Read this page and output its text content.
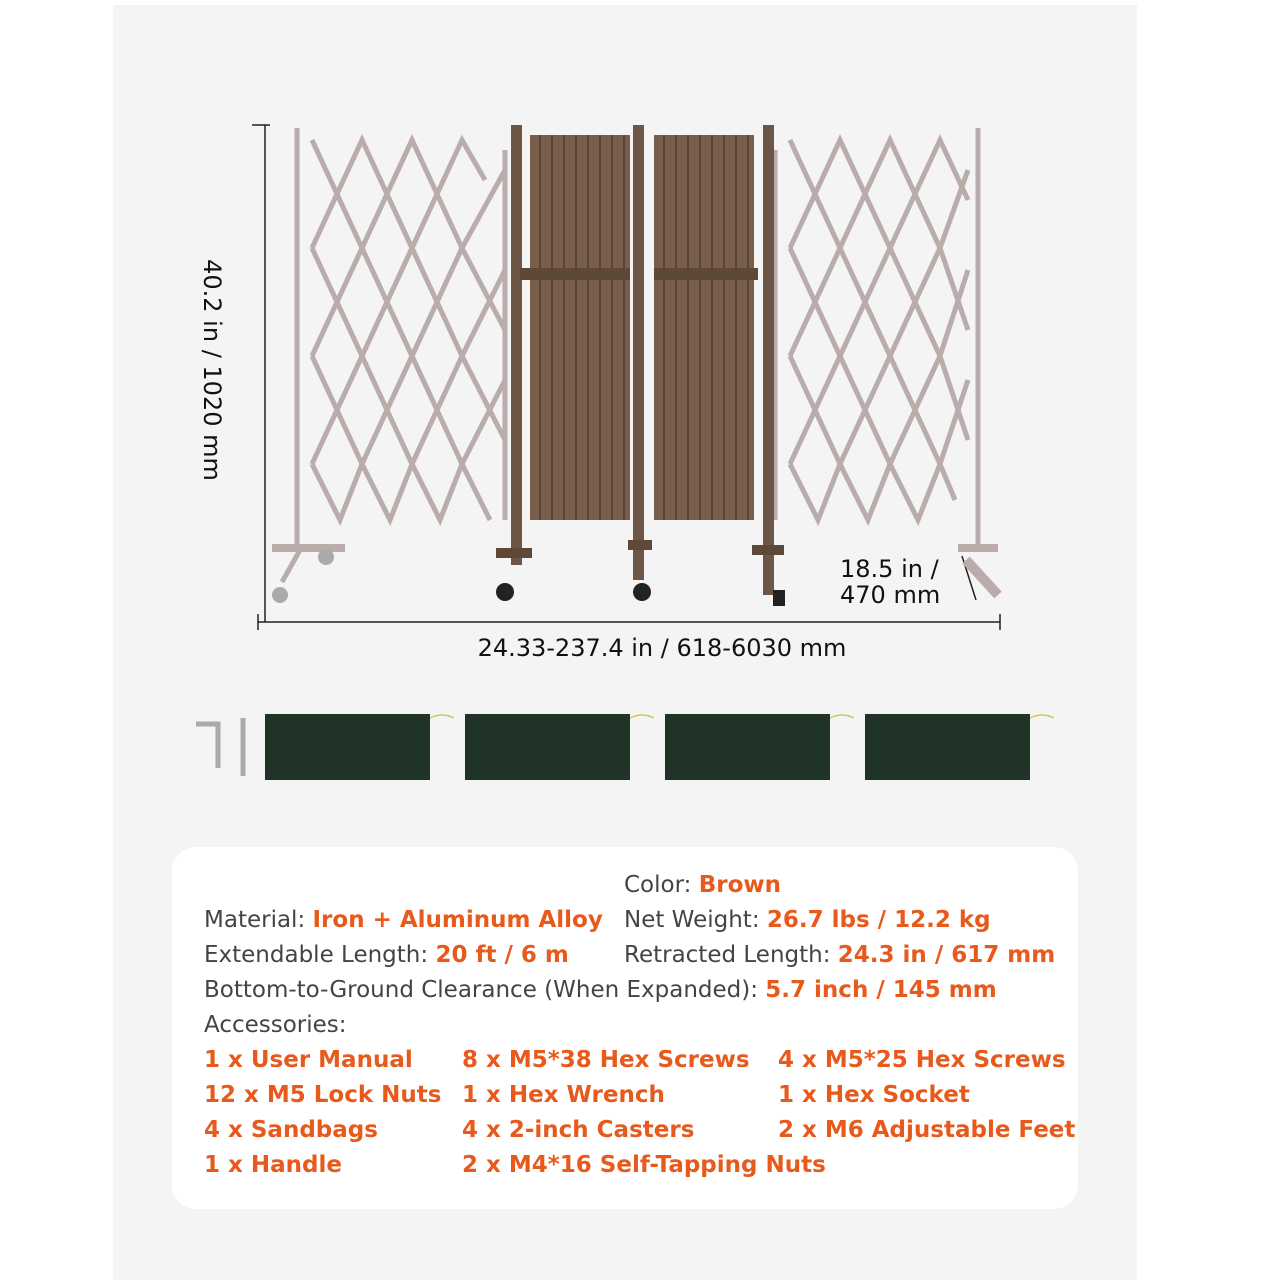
40.2 in / 1020 mm
24.33-237.4 in / 618-6030 mm
18.5 in /
470 mm
Color: Brown
Material: Iron + Aluminum Alloy Net Weight: 26.7 lbs / 12.2 kg
Extendable Length: 20 ft / 6 m Retracted Length: 24.3 in / 617 mm
Bottom-to-Ground Clearance (When Expanded): 5.7 inch / 145 mm
Accessories:
1 x User Manual 8 x M5*38 Hex Screws 4 x M5*25 Hex Screws
12 x M5 Lock Nuts 1 x Hex Wrench	1 x Hex Socket
4 x Sandbags	4 x 2-inch Casters	2 x M6 Adjustable Feet
1 x Handle	2 x M4*16 Self-Tapping Nuts
